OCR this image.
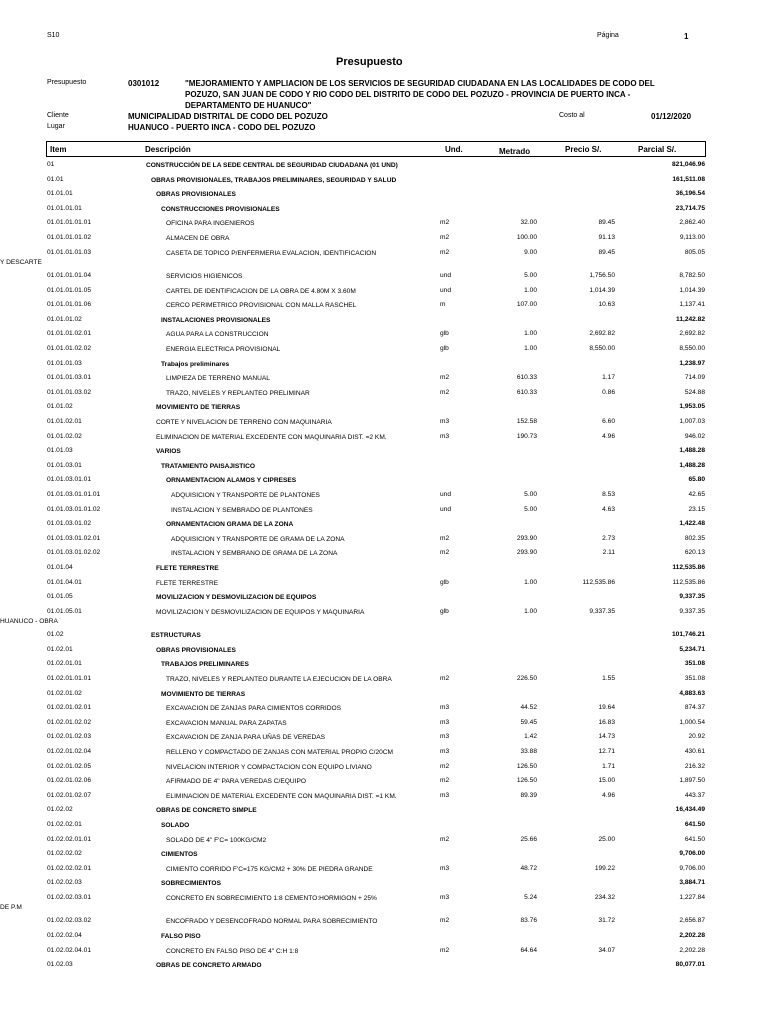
S10	Página	1
Presupuesto
Presupuesto	0301012	"MEJORAMIENTO Y AMPLIACION DE LOS SERVICIOS DE SEGURIDAD CIUDADANA EN LAS LOCALIDADES DE CODO DEL
POZUZO, SAN JUAN DE CODO Y RIO CODO DEL DISTRITO DE CODO DEL POZUZO - PROVINCIA DE PUERTO INCA -
DEPARTAMENTO DE HUANUCO"
Cliente	MUNICIPALIDAD DISTRITAL DE CODO DEL POZUZO	Costo al	01/12/2020
Lugar	HUANUCO - PUERTO INCA - CODO DEL POZUZO
Item	Descripción	Und.	Metrado	Precio S/.	Parcial S/.
01	CONSTRUCCIÓN DE LA SEDE CENTRAL DE SEGURIDAD CIUDADANA (01 UND)	821,046.96
01.01	OBRAS PROVISIONALES, TRABAJOS PRELIMINARES, SEGURIDAD Y SALUD	161,511.08
01.01.01	OBRAS PROVISIONALES	36,196.54
01.01.01.01	CONSTRUCCIONES PROVISIONALES	23,714.75
01.01.01.01.01	OFICINA PARA INGENIEROS	m2	32.00	89.45	2,862.40
01.01.01.01.02	ALMACEN DE OBRA	m2	100.00	91.13	9,113.00
01.01.01.01.03	CASETA DE TOPICO P/ENFERMERIA EVALACION, IDENTIFICACION Y DESCARTE
m2	9.00	89.45	805.05
01.01.01.01.04	SERVICIOS HIGIENICOS	und	5.00	1,756.50	8,782.50
01.01.01.01.05	CARTEL DE IDENTIFICACION DE LA OBRA DE 4.80M X 3.60M	und	1.00	1,014.39	1,014.39
01.01.01.01.06	CERCO PERIMETRICO PROVISIONAL CON MALLA RASCHEL	m	107.00	10.63	1,137.41
01.01.01.02	INSTALACIONES PROVISIONALES	11,242.82
01.01.01.02.01	AGUA PARA LA CONSTRUCCION	glb	1.00	2,692.82	2,692.82
01.01.01.02.02	ENERGIA ELECTRICA PROVISIONAL	glb	1.00	8,550.00	8,550.00
01.01.01.03	Trabajos preliminares	1,238.97
01.01.01.03.01	LIMPIEZA DE TERRENO MANUAL	m2	610.33	1.17	714.09
01.01.01.03.02	TRAZO, NIVELES Y REPLANTEO PRELIMINAR	m2	610.33	0.86	524.88
01.01.02	MOVIMIENTO DE TIERRAS	1,953.05
01.01.02.01	CORTE Y NIVELACION DE TERRENO CON MAQUINARIA	m3	152.58	6.60	1,007.03
01.01.02.02	ELIMINACION DE MATERIAL EXCEDENTE CON MAQUINARIA DIST. =2 KM.	m3	190.73	4.96	946.02
01.01.03	VARIOS	1,488.28
01.01.03.01	TRATAMIENTO PAISAJISTICO	1,488.28
01.01.03.01.01	ORNAMENTACION ALAMOS Y CIPRESES	65.80
01.01.03.01.01.01	ADQUISICION Y TRANSPORTE DE PLANTONES	und	5.00	8.53	42.65
01.01.03.01.01.02	INSTALACION Y SEMBRADO DE PLANTONES	und	5.00	4.63	23.15
01.01.03.01.02	ORNAMENTACION GRAMA DE LA ZONA	1,422.48
01.01.03.01.02.01	ADQUISICION Y TRANSPORTE DE GRAMA DE LA ZONA	m2	293.90	2.73	802.35
01.01.03.01.02.02	INSTALACION Y SEMBRANO DE GRAMA DE LA ZONA	m2	293.90	2.11	620.13
01.01.04	FLETE TERRESTRE	112,535.86
01.01.04.01	FLETE TERRESTRE	glb	1.00	112,535.86	112,535.86
01.01.05	MOVILIZACION Y DESMOVILIZACION DE EQUIPOS	9,337.35
01.01.05.01	MOVILIZACION Y DESMOVILIZACION DE EQUIPOS Y MAQUINARIA HUANUCO - OBRA
glb	1.00	9,337.35	9,337.35
01.02	ESTRUCTURAS	101,746.21
01.02.01	OBRAS PROVISIONALES	5,234.71
01.02.01.01	TRABAJOS PRELIMINARES	351.08
01.02.01.01.01	TRAZO, NIVELES Y REPLANTEO DURANTE LA EJECUCION DE LA OBRA	m2	226.50	1.55	351.08
01.02.01.02	MOVIMIENTO DE TIERRAS	4,883.63
01.02.01.02.01	EXCAVACION DE ZANJAS PARA CIMIENTOS CORRIDOS	m3	44.52	19.64	874.37
01.02.01.02.02	EXCAVACION MANUAL PARA ZAPATAS	m3	59.45	16.83	1,000.54
01.02.01.02.03	EXCAVACION DE ZANJA PARA UÑAS DE VEREDAS	m3	1.42	14.73	20.92
01.02.01.02.04	RELLENO Y COMPACTADO DE ZANJAS CON MATERIAL PROPIO C/20CM	m3	33.88	12.71	430.61
01.02.01.02.05	NIVELACION INTERIOR Y COMPACTACION CON EQUIPO LIVIANO	m2	126.50	1.71	216.32
01.02.01.02.06	AFIRMADO DE 4" PARA VEREDAS C/EQUIPO	m2	126.50	15.00	1,897.50
01.02.01.02.07	ELIMINACION DE MATERIAL EXCEDENTE CON MAQUINARIA DIST. =1 KM.	m3	89.39	4.96	443.37
01.02.02	OBRAS DE CONCRETO SIMPLE	16,434.49
01.02.02.01	SOLADO	641.50
01.02.02.01.01	SOLADO DE 4" F'C= 100KG/CM2	m2	25.66	25.00	641.50
01.02.02.02	CIMIENTOS	9,706.00
01.02.02.02.01	CIMIENTO CORRIDO F'C=175 KG/CM2 + 30% DE PIEDRA GRANDE	m3	48.72	199.22	9,706.00
01.02.02.03	SOBRECIMIENTOS	3,884.71
01.02.02.03.01	CONCRETO EN SOBRECIMIENTO 1:8 CEMENTO:HORMIGON + 25% DE P.M
m3	5.24	234.32	1,227.84
01.02.02.03.02	ENCOFRADO Y DESENCOFRADO NORMAL PARA SOBRECIMIENTO	m2	83.76	31.72	2,656.87
01.02.02.04	FALSO PISO	2,202.28
01.02.02.04.01	CONCRETO EN FALSO PISO DE 4" C:H 1:8	m2	64.64	34.07	2,202.28
01.02.03	OBRAS DE CONCRETO ARMADO	80,077.01
